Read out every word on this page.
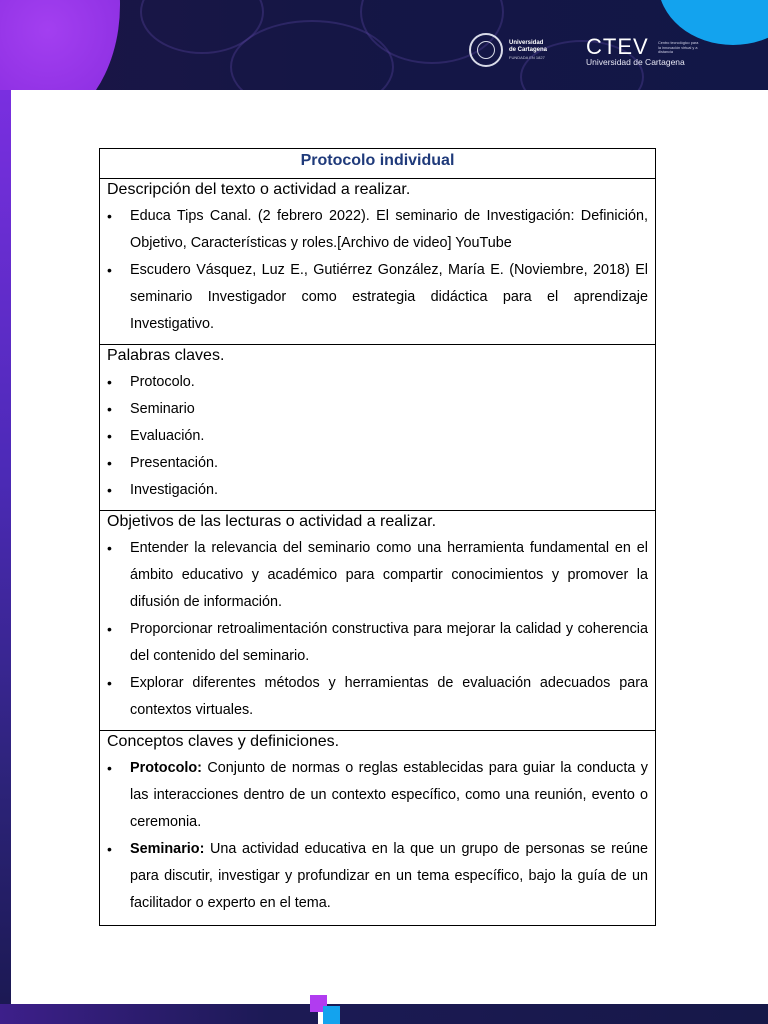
Universidad
de Cartagena
FUNDADA EN 1827 CTEV	Centro tecnológico para la innovación virtual y a distancia
Universidad de Cartagena
Protocolo individual
Descripción del texto o actividad a realizar.
• Educa Tips Canal. (2 febrero 2022). El seminario de Investigación: Definición, Objetivo, Características y roles.[Archivo de video] YouTube
• Escudero Vásquez, Luz E., Gutiérrez González, María E. (Noviembre, 2018) El seminario Investigador como estrategia didáctica para el aprendizaje Investigativo.
Palabras claves.
• Protocolo.
• Seminario
• Evaluación.
• Presentación.
• Investigación.
Objetivos de las lecturas o actividad a realizar.
• Entender la relevancia del seminario como una herramienta fundamental en el ámbito educativo y académico para compartir conocimientos y promover la difusión de información.
• Proporcionar retroalimentación constructiva para mejorar la calidad y coherencia del contenido del seminario.
• Explorar diferentes métodos y herramientas de evaluación adecuados para contextos virtuales.
Conceptos claves y definiciones.
• Protocolo: Conjunto de normas o reglas establecidas para guiar la conducta y las interacciones dentro de un contexto específico, como una reunión, evento o ceremonia.
• Seminario: Una actividad educativa en la que un grupo de personas se reúne para discutir, investigar y profundizar en un tema específico, bajo la guía de un facilitador o experto en el tema.
